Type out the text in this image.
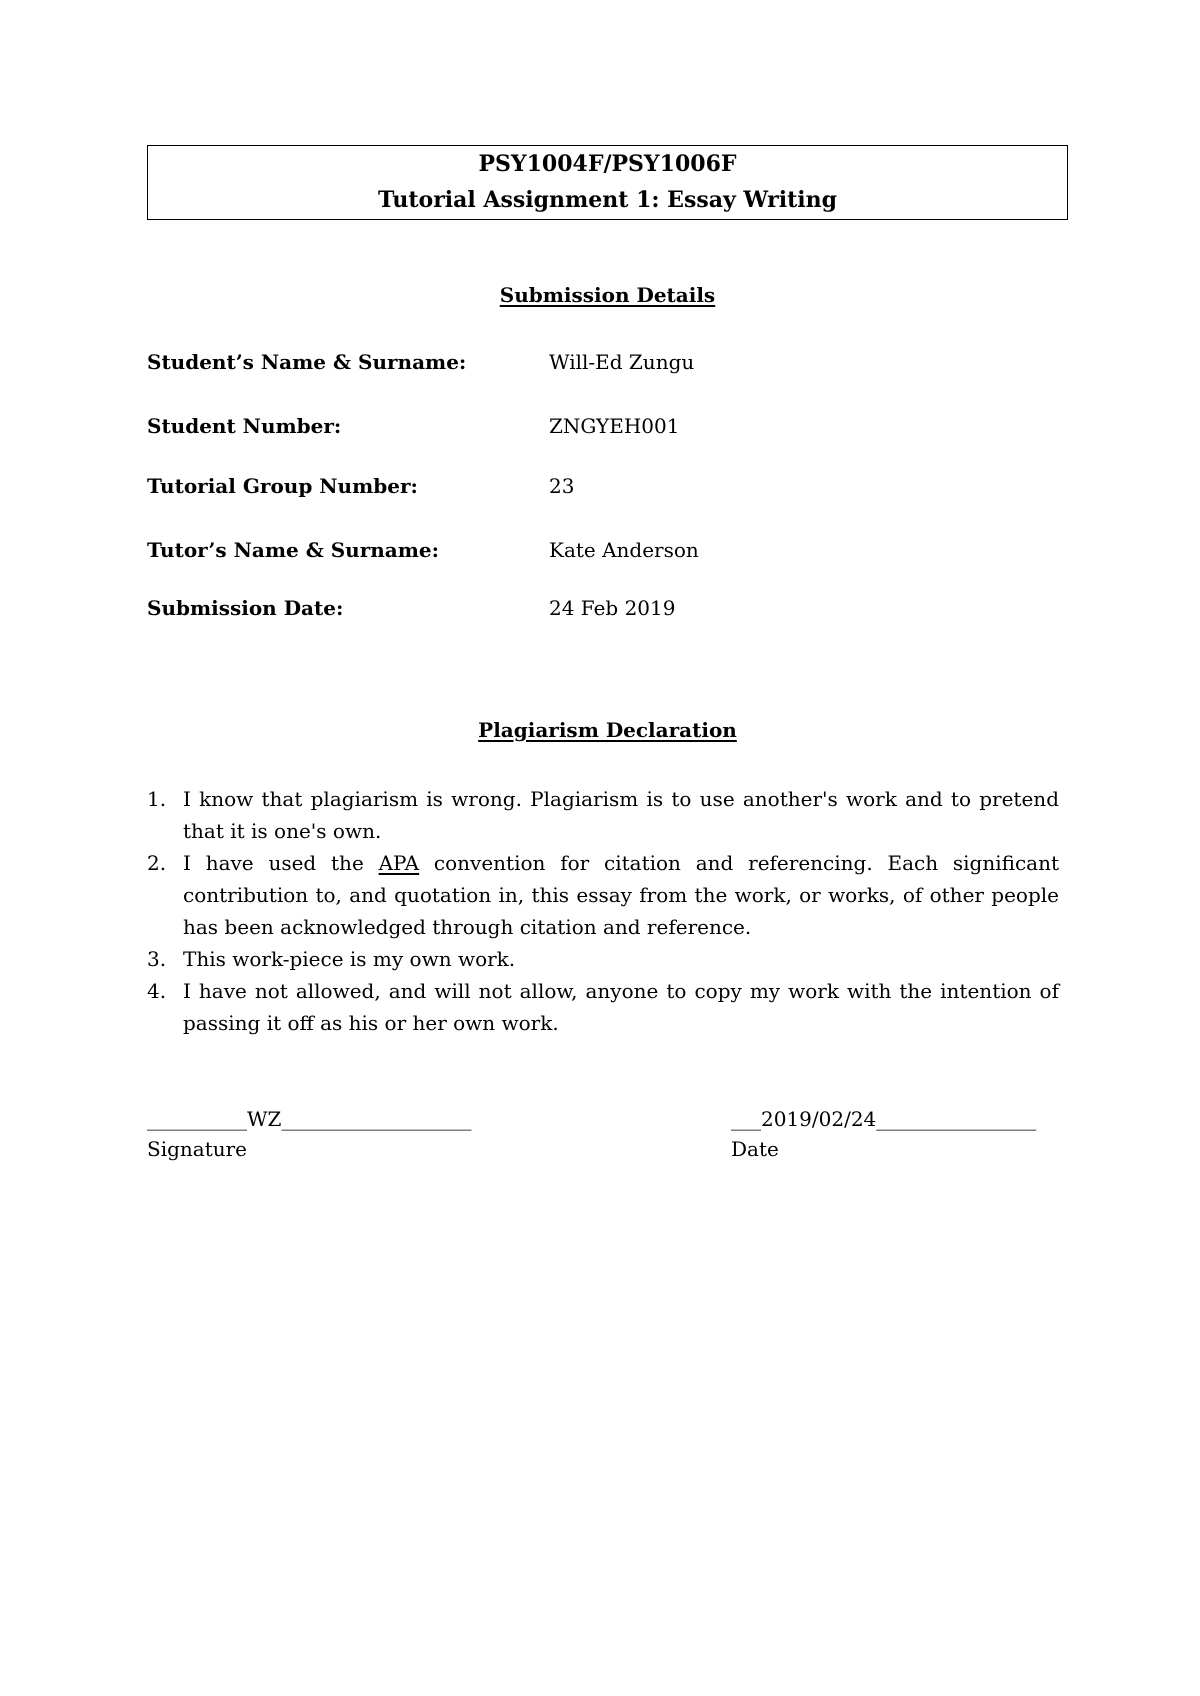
PSY1004F/PSY1006F
Tutorial Assignment 1: Essay Writing
Submission Details
Student’s Name & Surname:	Will-Ed Zungu
Student Number:	ZNGYEH001
Tutorial Group Number:	23
Tutor’s Name & Surname:	Kate Anderson
Submission Date:	24 Feb 2019
Plagiarism Declaration
1. I know that plagiarism is wrong. Plagiarism is to use another's work and to pretend that it is one's own.
2. I have used the APA convention for citation and referencing. Each significant contribution to, and quotation in, this essay from the work, or works, of other people has been acknowledged through citation and reference.
3. This work-piece is my own work.
4. I have not allowed, and will not allow, anyone to copy my work with the intention of passing it off as his or her own work.
__________WZ___________________
Signature
___2019/02/24________________
Date
